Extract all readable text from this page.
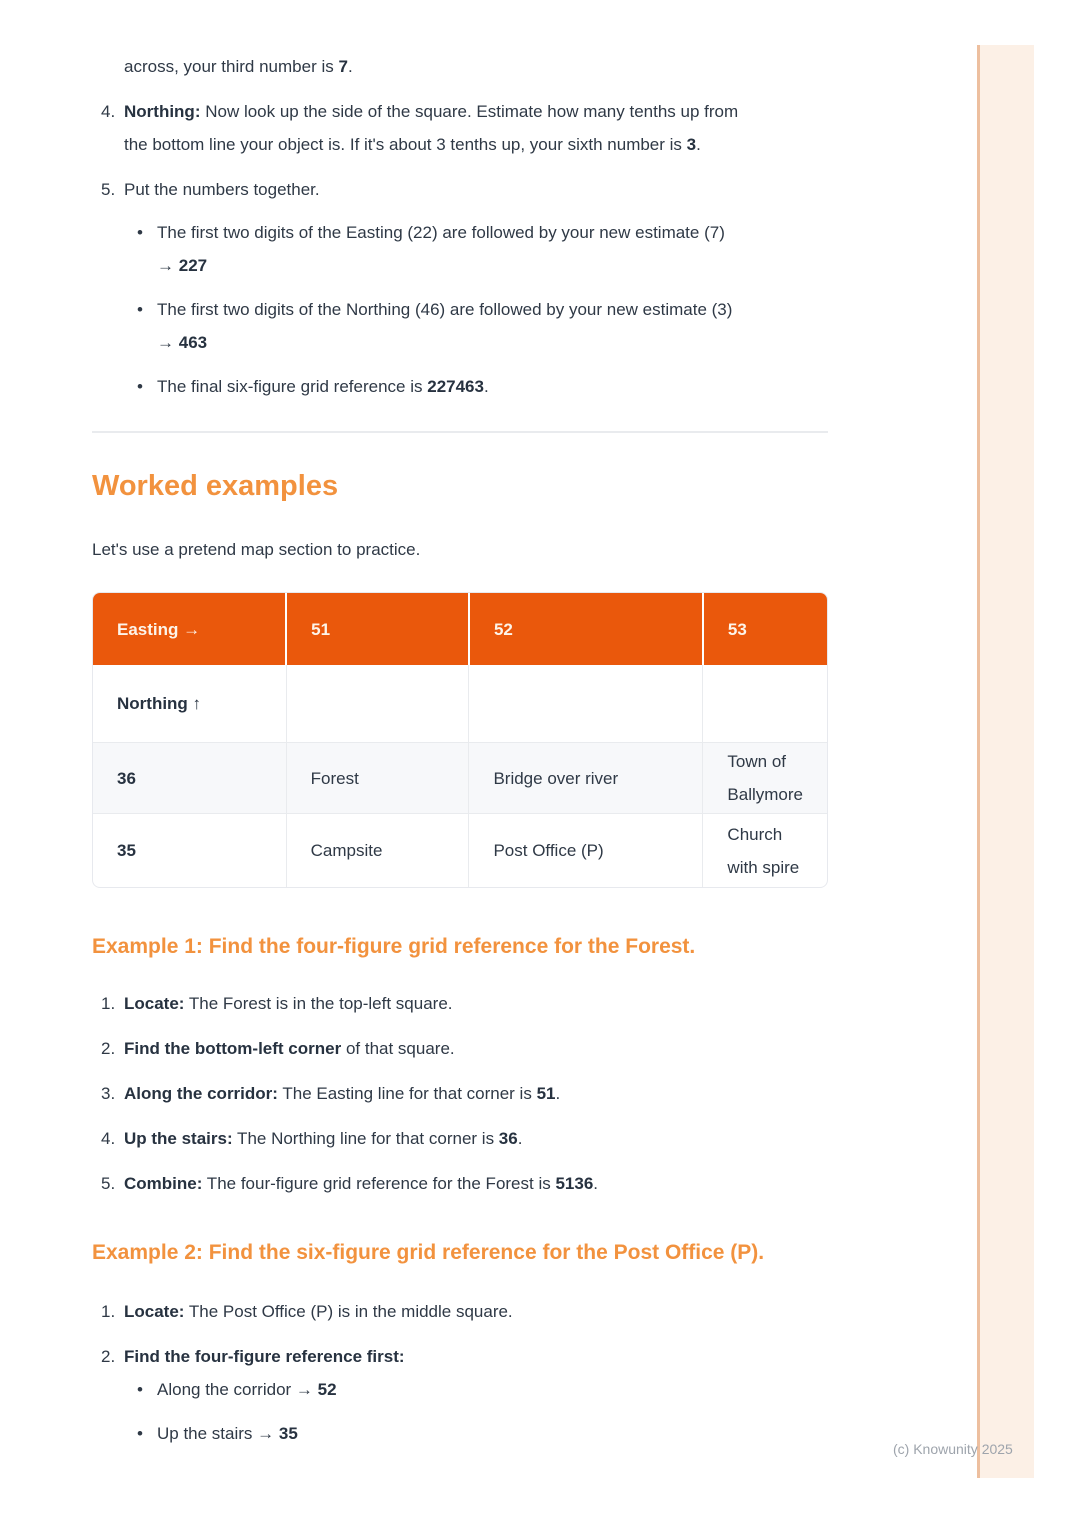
(c) Knowunity 2025

across, your third number is 7.

4. Northing: Now look up the side of the square. Estimate how many tenths up from the bottom line your object is. If it's about 3 tenths up, your sixth number is 3.
5. Put the numbers together.
• The first two digits of the Easting (22) are followed by your new estimate (7) → 227
• The first two digits of the Northing (46) are followed by your new estimate (3) → 463
• The final six-figure grid reference is 227463.
Worked examples

Let's use a pretend map section to practice.

Easting →	51	52	53
Northing ↑			
36	Forest	Bridge over river	Town of Ballymore
35	Campsite	Post Office (P)	Church with spire
Example 1: Find the four-figure grid reference for the Forest.
1. Locate: The Forest is in the top-left square.
2. Find the bottom-left corner of that square.
3. Along the corridor: The Easting line for that corner is 51.
4. Up the stairs: The Northing line for that corner is 36.
5. Combine: The four-figure grid reference for the Forest is 5136.
Example 2: Find the six-figure grid reference for the Post Office (P).
1. Locate: The Post Office (P) is in the middle square.
2. Find the four-figure reference first:
• Along the corridor → 52
• Up the stairs → 35
